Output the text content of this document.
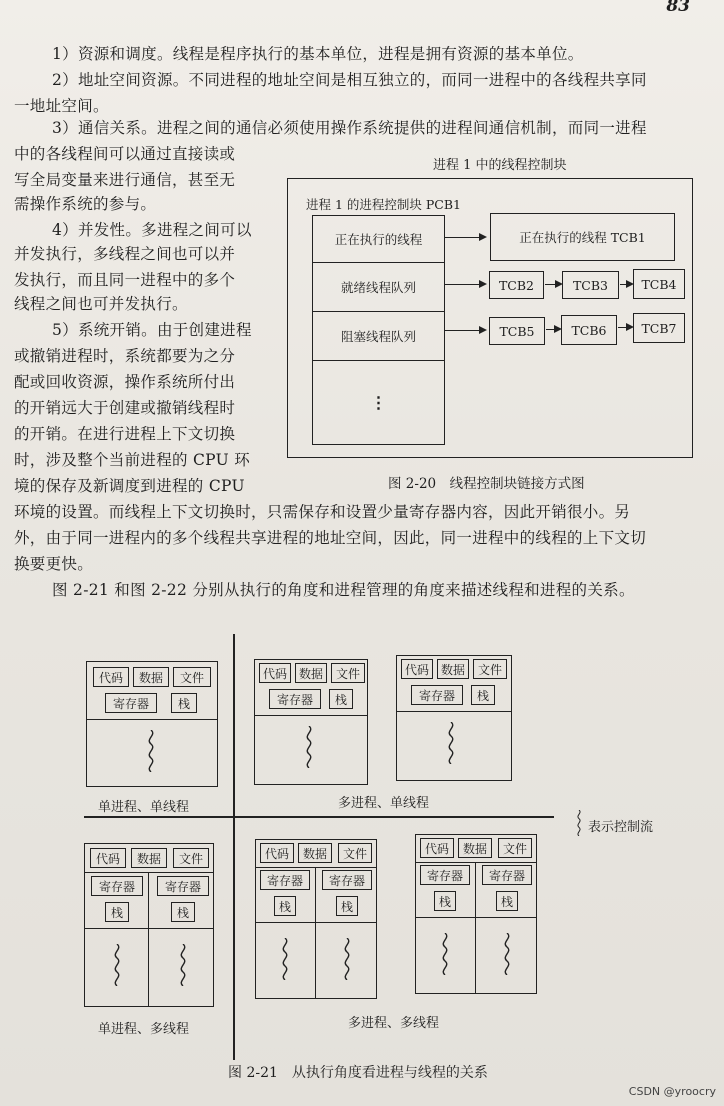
83
1）资源和调度。线程是程序执行的基本单位，进程是拥有资源的基本单位。
2）地址空间资源。不同进程的地址空间是相互独立的，而同一进程中的各线程共享同
一地址空间。
3）通信关系。进程之间的通信必须使用操作系统提供的进程间通信机制，而同一进程
中的各线程间可以通过直接读或
写全局变量来进行通信，甚至无
需操作系统的参与。
4）并发性。多进程之间可以
并发执行，多线程之间也可以并
发执行，而且同一进程中的多个
线程之间也可并发执行。
5）系统开销。由于创建进程
或撤销进程时，系统都要为之分
配或回收资源，操作系统所付出
的开销远大于创建或撤销线程时
的开销。在进行进程上下文切换
时，涉及整个当前进程的 CPU 环
境的保存及新调度到进程的 CPU
环境的设置。而线程上下文切换时，只需保存和设置少量寄存器内容，因此开销很小。另
外，由于同一进程内的多个线程共享进程的地址空间，因此，同一进程中的线程的上下文切
换要更快。
图 2-21 和图 2-22 分别从执行的角度和进程管理的角度来描述线程和进程的关系。
进程 1 中的线程控制块
进程 1 的进程控制块 PCB1
正在执行的线程
就绪线程队列
阻塞线程队列
⋮
正在执行的线程 TCB1
TCB2	TCB3	TCB4
TCB5	TCB6	TCB7
图 2-20　线程控制块链接方式图
代码	数据	文件
寄存器	栈
单进程、单线程
代码 数据	文件
寄存器	栈
代码 数据	文件
寄存器	栈
多进程、单线程
表示控制流
代码	数据	文件
寄存器	寄存器
栈	栈
单进程、多线程
代码	数据	文件
寄存器	寄存器
栈	栈
代码	数据	文件
寄存器	寄存器
栈	栈
多进程、多线程
图 2-21　从执行角度看进程与线程的关系
CSDN @yroocry
